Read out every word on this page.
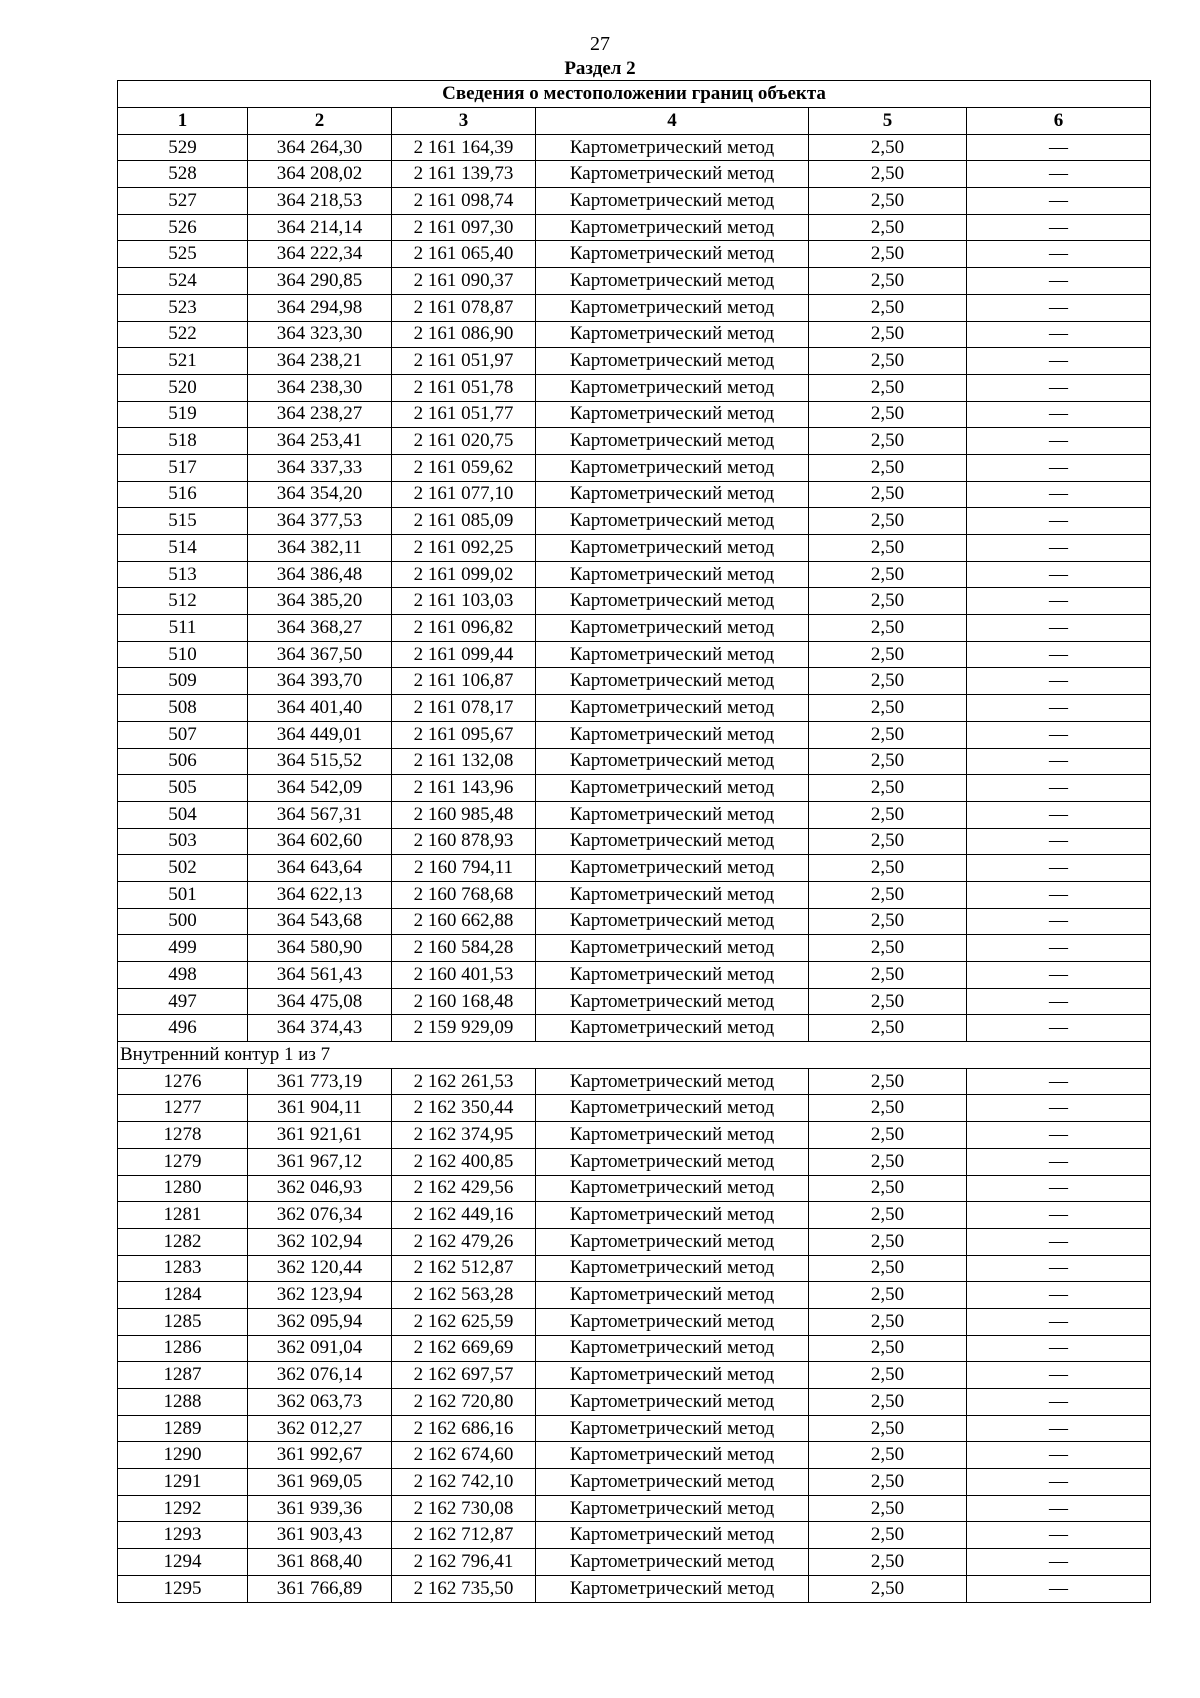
27
Раздел 2
Сведения о местоположении границ объекта					
1	2	3	4	5	6
529	364 264,30	2 161 164,39	Картометрический метод	2,50	—
528	364 208,02	2 161 139,73	Картометрический метод	2,50	—
527	364 218,53	2 161 098,74	Картометрический метод	2,50	—
526	364 214,14	2 161 097,30	Картометрический метод	2,50	—
525	364 222,34	2 161 065,40	Картометрический метод	2,50	—
524	364 290,85	2 161 090,37	Картометрический метод	2,50	—
523	364 294,98	2 161 078,87	Картометрический метод	2,50	—
522	364 323,30	2 161 086,90	Картометрический метод	2,50	—
521	364 238,21	2 161 051,97	Картометрический метод	2,50	—
520	364 238,30	2 161 051,78	Картометрический метод	2,50	—
519	364 238,27	2 161 051,77	Картометрический метод	2,50	—
518	364 253,41	2 161 020,75	Картометрический метод	2,50	—
517	364 337,33	2 161 059,62	Картометрический метод	2,50	—
516	364 354,20	2 161 077,10	Картометрический метод	2,50	—
515	364 377,53	2 161 085,09	Картометрический метод	2,50	—
514	364 382,11	2 161 092,25	Картометрический метод	2,50	—
513	364 386,48	2 161 099,02	Картометрический метод	2,50	—
512	364 385,20	2 161 103,03	Картометрический метод	2,50	—
511	364 368,27	2 161 096,82	Картометрический метод	2,50	—
510	364 367,50	2 161 099,44	Картометрический метод	2,50	—
509	364 393,70	2 161 106,87	Картометрический метод	2,50	—
508	364 401,40	2 161 078,17	Картометрический метод	2,50	—
507	364 449,01	2 161 095,67	Картометрический метод	2,50	—
506	364 515,52	2 161 132,08	Картометрический метод	2,50	—
505	364 542,09	2 161 143,96	Картометрический метод	2,50	—
504	364 567,31	2 160 985,48	Картометрический метод	2,50	—
503	364 602,60	2 160 878,93	Картометрический метод	2,50	—
502	364 643,64	2 160 794,11	Картометрический метод	2,50	—
501	364 622,13	2 160 768,68	Картометрический метод	2,50	—
500	364 543,68	2 160 662,88	Картометрический метод	2,50	—
499	364 580,90	2 160 584,28	Картометрический метод	2,50	—
498	364 561,43	2 160 401,53	Картометрический метод	2,50	—
497	364 475,08	2 160 168,48	Картометрический метод	2,50	—
496	364 374,43	2 159 929,09	Картометрический метод	2,50	—
Внутренний контур 1 из 7					
1276	361 773,19	2 162 261,53	Картометрический метод	2,50	—
1277	361 904,11	2 162 350,44	Картометрический метод	2,50	—
1278	361 921,61	2 162 374,95	Картометрический метод	2,50	—
1279	361 967,12	2 162 400,85	Картометрический метод	2,50	—
1280	362 046,93	2 162 429,56	Картометрический метод	2,50	—
1281	362 076,34	2 162 449,16	Картометрический метод	2,50	—
1282	362 102,94	2 162 479,26	Картометрический метод	2,50	—
1283	362 120,44	2 162 512,87	Картометрический метод	2,50	—
1284	362 123,94	2 162 563,28	Картометрический метод	2,50	—
1285	362 095,94	2 162 625,59	Картометрический метод	2,50	—
1286	362 091,04	2 162 669,69	Картометрический метод	2,50	—
1287	362 076,14	2 162 697,57	Картометрический метод	2,50	—
1288	362 063,73	2 162 720,80	Картометрический метод	2,50	—
1289	362 012,27	2 162 686,16	Картометрический метод	2,50	—
1290	361 992,67	2 162 674,60	Картометрический метод	2,50	—
1291	361 969,05	2 162 742,10	Картометрический метод	2,50	—
1292	361 939,36	2 162 730,08	Картометрический метод	2,50	—
1293	361 903,43	2 162 712,87	Картометрический метод	2,50	—
1294	361 868,40	2 162 796,41	Картометрический метод	2,50	—
1295	361 766,89	2 162 735,50	Картометрический метод	2,50	—
